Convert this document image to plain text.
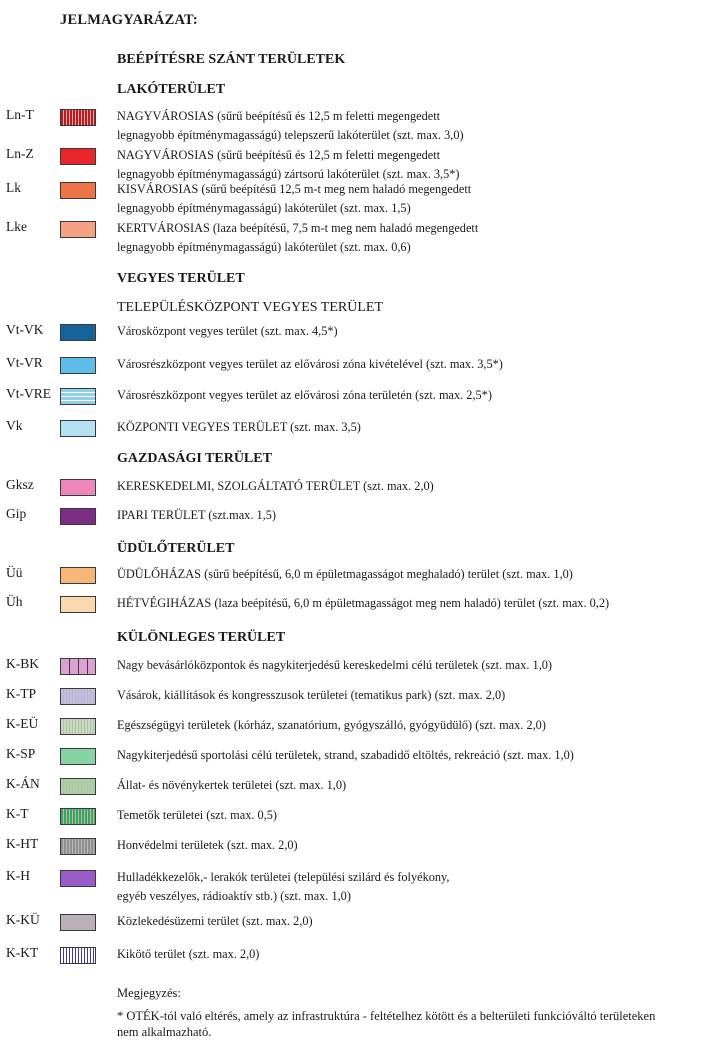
JELMAGYARÁZAT:
BEÉPÍTÉSRE SZÁNT TERÜLETEK
LAKÓTERÜLET
VEGYES TERÜLET
TELEPÜLÉSKÖZPONT VEGYES TERÜLET
GAZDASÁGI TERÜLET
ÜDÜLŐTERÜLET
KÜLÖNLEGES TERÜLET
Ln-T	NAGYVÁROSIAS (sűrű beépítésű és 12,5 m feletti megengedett
legnagyobb építménymagasságú) telepszerű lakóterület (szt. max. 3,0)
Ln-Z	NAGYVÁROSIAS (sűrű beépítésű és 12,5 m feletti megengedett
legnagyobb építménymagasságú) zártsorú lakóterület (szt. max. 3,5*)
Lk	KISVÁROSIAS (sűrű beépítésű 12,5 m-t meg nem haladó megengedett
legnagyobb építménymagasságú) lakóterület (szt. max. 1,5)
Lke	KERTVÁROSIAS (laza beépítésű, 7,5 m-t meg nem haladó megengedett
legnagyobb építménymagasságú) lakóterület (szt. max. 0,6)
Vt-VK	Városközpont vegyes terület (szt. max. 4,5*)
Vt-VR	Városrészközpont vegyes terület az elővárosi zóna kivételével (szt. max. 3,5*)
Vt-VRE	Városrészközpont vegyes terület az elővárosi zóna területén (szt. max. 2,5*)
Vk	KÖZPONTI VEGYES TERÜLET (szt. max. 3,5)
Gksz	KERESKEDELMI, SZOLGÁLTATÓ TERÜLET (szt. max. 2,0)
Gip	IPARI TERÜLET (szt.max. 1,5)
Üü	ÜDÜLŐHÁZAS (sűrű beépítésű, 6,0 m épületmagasságot meghaladó) terület (szt. max. 1,0)
Üh	HÉTVÉGIHÁZAS (laza beépítésű, 6,0 m épületmagasságot meg nem haladó) terület (szt. max. 0,2)
K-BK	Nagy bevásárlóközpontok és nagykiterjedésű kereskedelmi célú területek (szt. max. 1,0)
K-TP	Vásárok, kiállítások és kongresszusok területei (tematikus park) (szt. max. 2,0)
K-EÜ	Egészségügyi területek (kórház, szanatórium, gyógyszálló, gyógyüdülő) (szt. max. 2,0)
K-SP	Nagykiterjedésű sportolási célú területek, strand, szabadidő eltöltés, rekreáció (szt. max. 1,0)
K-ÁN	Állat- és növénykertek területei (szt. max. 1,0)
K-T	Temetők területei (szt. max. 0,5)
K-HT	Honvédelmi területek (szt. max. 2,0)
K-H	Hulladékkezelők,- lerakók területei (települési szilárd és folyékony,
egyéb veszélyes, rádioaktív stb.) (szt. max. 1,0)
K-KÜ	Közlekedésüzemi terület (szt. max. 2,0)
K-KT	Kikötő terület (szt. max. 2,0)
Megjegyzés:
* OTÉK-tól való eltérés, amely az infrastruktúra - feltételhez kötött és a belterületi funkcióváltó területeken nem alkalmazható.
